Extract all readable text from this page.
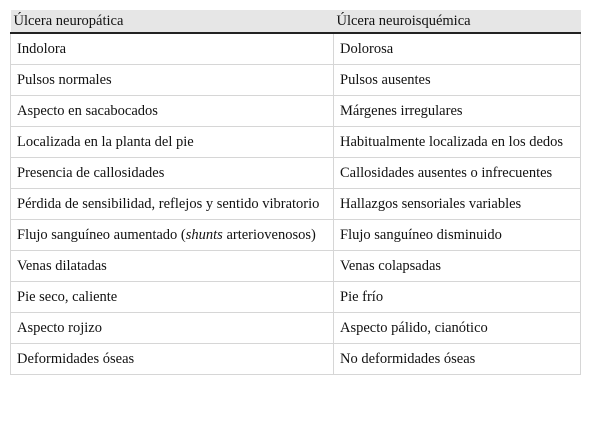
Úlcera neuropática	Úlcera neuroisquémica
Indolora	Dolorosa
Pulsos normales	Pulsos ausentes
Aspecto en sacabocados	Márgenes irregulares
Localizada en la planta del pie	Habitualmente localizada en los dedos
Presencia de callosidades	Callosidades ausentes o infrecuentes
Pérdida de sensibilidad, reflejos y sentido vibratorio	Hallazgos sensoriales variables
Flujo sanguíneo aumentado (shunts arteriovenosos)	Flujo sanguíneo disminuido
Venas dilatadas	Venas colapsadas
Pie seco, caliente	Pie frío
Aspecto rojizo	Aspecto pálido, cianótico
Deformidades óseas	No deformidades óseas
